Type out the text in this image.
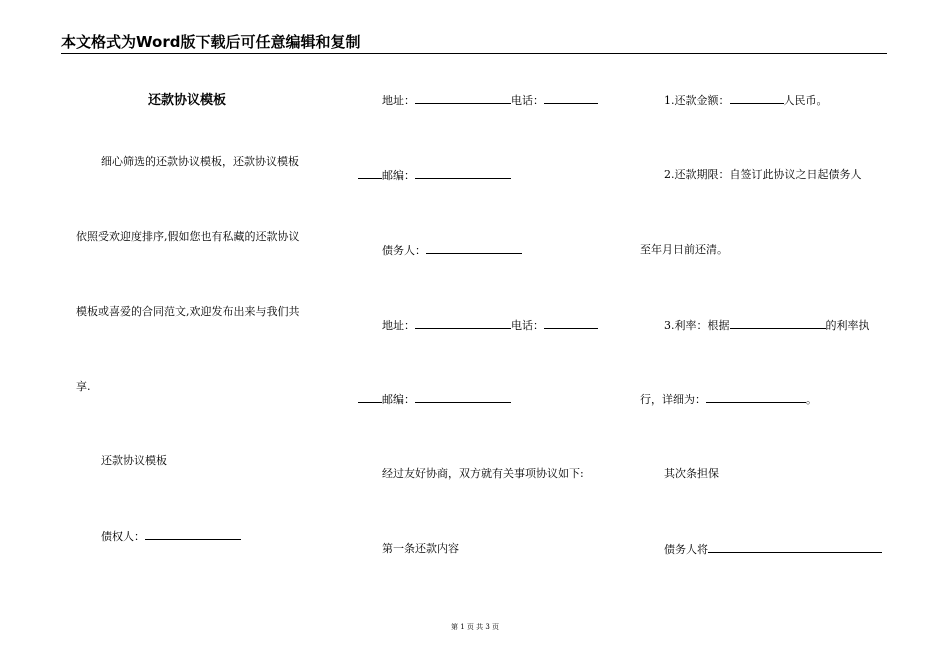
本文格式为Word版下载后可任意编辑和复制
还款协议模板
细心筛选的还款协议模板，还款协议模板
依照受欢迎度排序,假如您也有私藏的还款协议
模板或喜爱的合同范文,欢迎发布出来与我们共
享.
还款协议模板
债权人：
地址：	电话：
邮编：
债务人：
地址：	电话：
邮编：
经过友好协商，双方就有关事项协议如下:
第一条还款内容
1.还款金额：	人民币。
2.还款期限：自签订此协议之日起债务人
至年月日前还清。
3.利率：根据	的利率执
行，详细为：	。
其次条担保
债务人将
第 1 页 共 3 页
